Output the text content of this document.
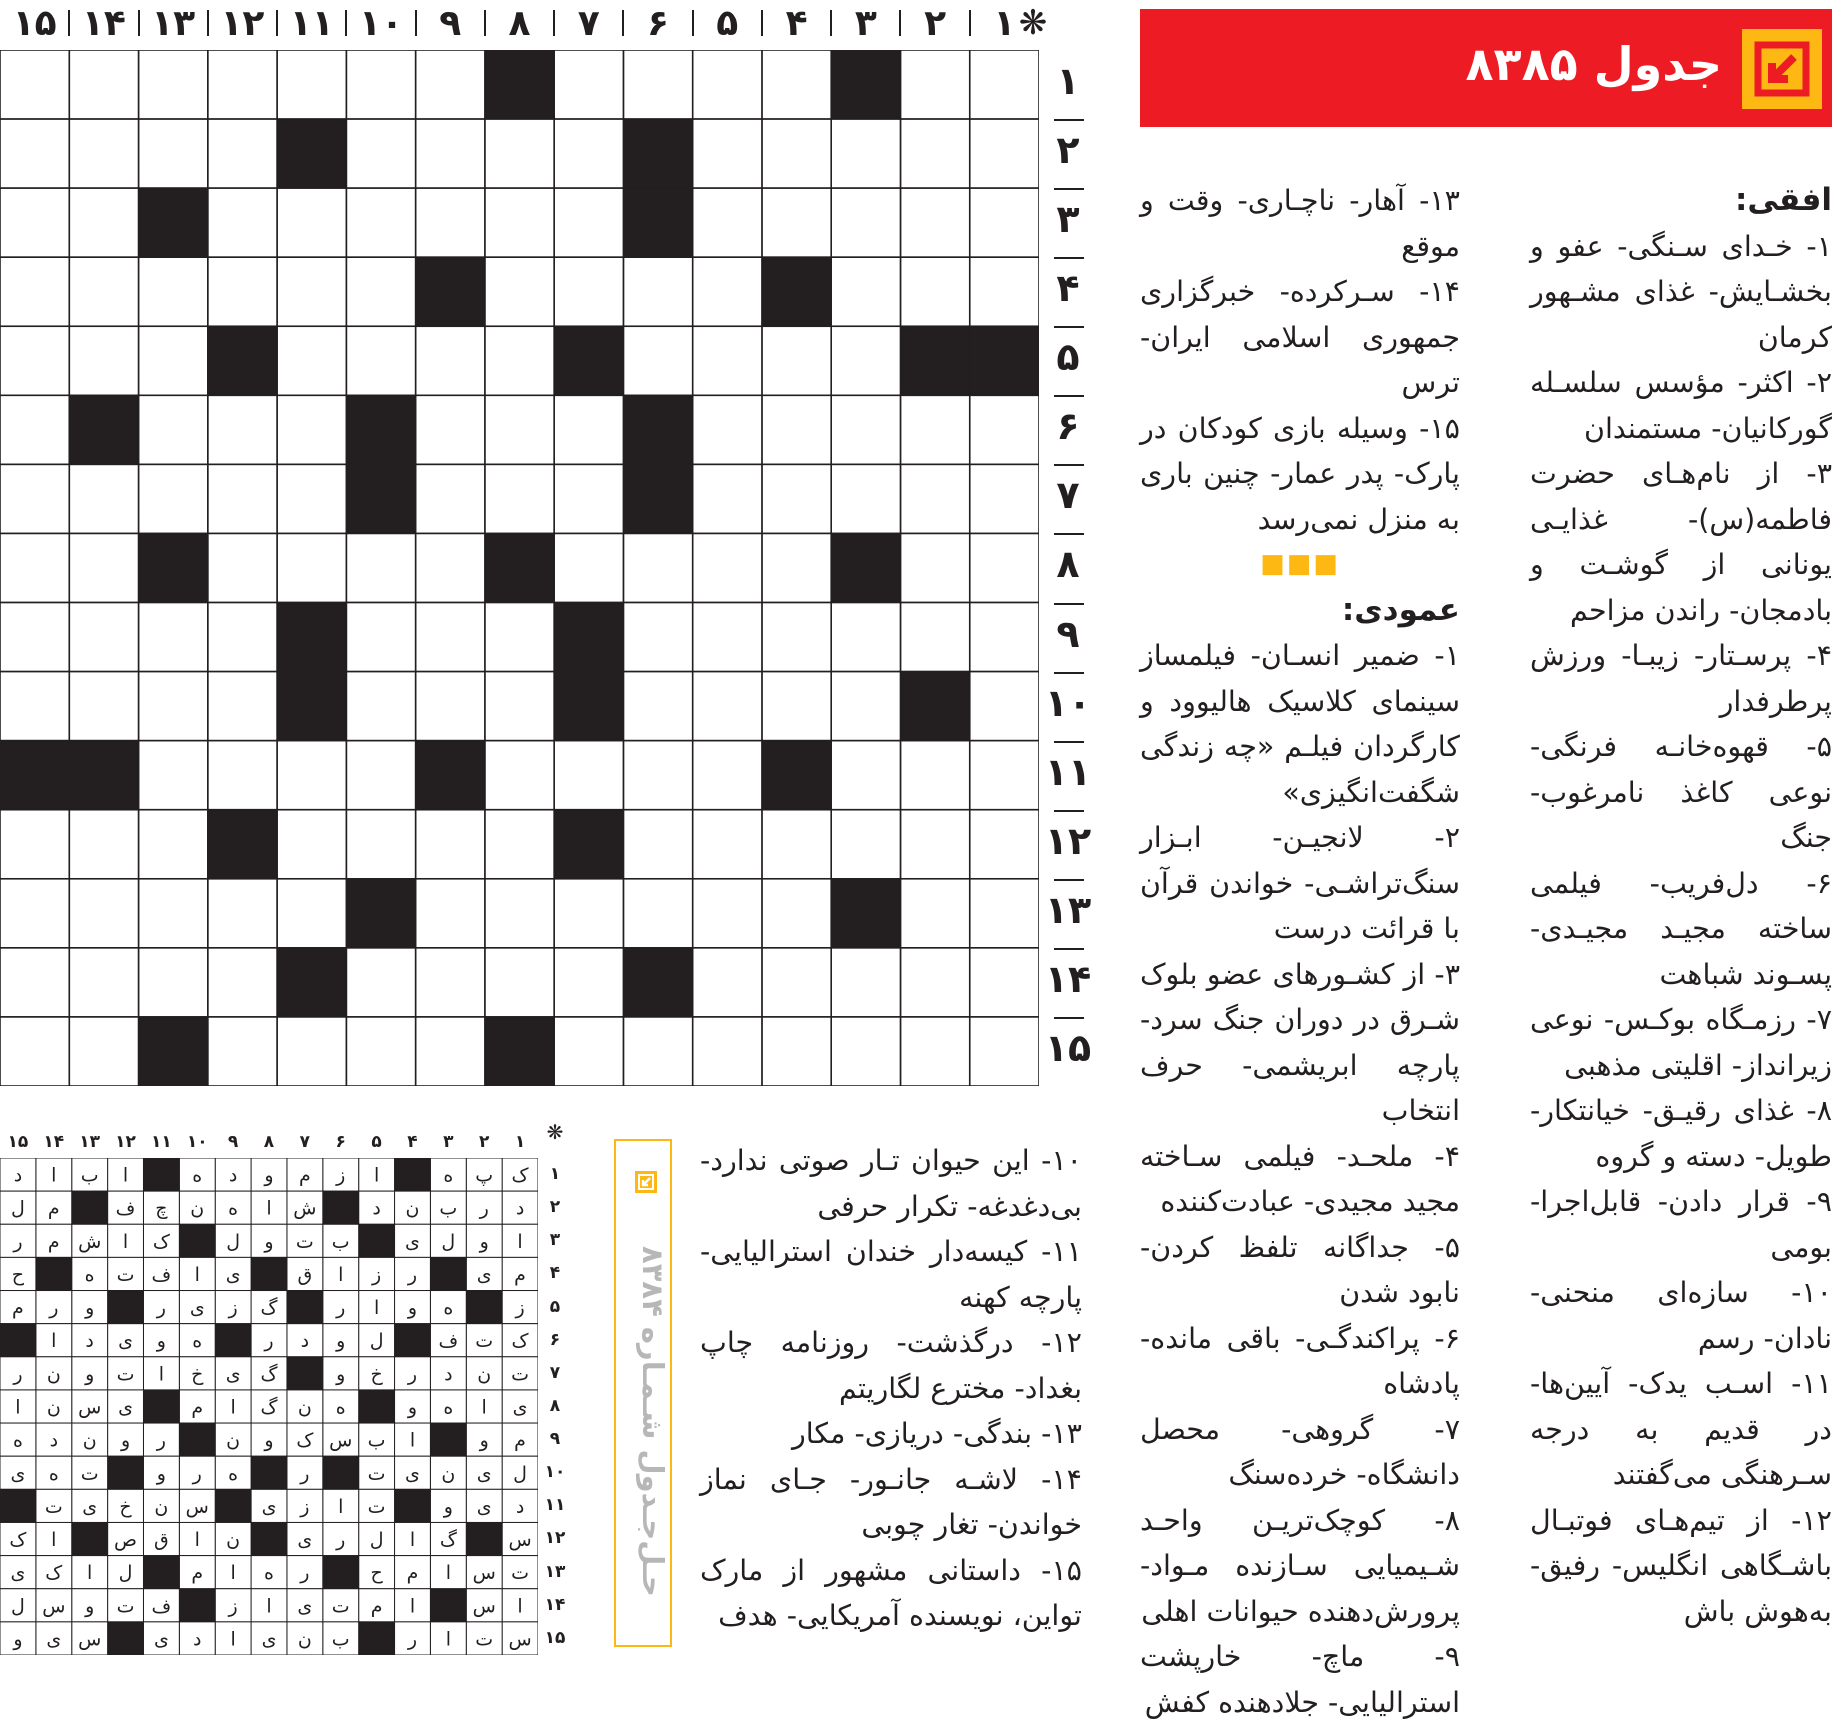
۱
۲
۳
۴
۵
۶
۷
۸
۹
۱۰
۱۱
۱۲
۱۳
۱۴
۱۵	❋
۱
۲
۳
۴
۵
۶
۷
۸
۹
۱۰
۱۱
۱۲
۱۳
۱۴
۱۵
جدول ۸۳۸۵

افقی:

۱- خـدای سـنگی- عفو و بخشـایش- غذای مشـهور کرمان

۲- اکثر- مؤسس سلسـله گورکانیان- مستمندان

۳- از نام‌هـای حضرت فاطمه(س)- غذایـی یونانی از گوشـت و بادمجان- راندن مزاحم

۴- پرسـتار- زیبـا- ورزش پرطرفدار

۵- قهوه‌خانـه فرنگی- نوعی کاغذ نامرغوب- جنگ

۶- دل‌فریب- فیلمی ساخته مجیـد مجیـدی- پسـوند شباهت

۷- رزمـگاه بوکـس- نوعی زیرانداز- اقلیتی مذهبی

۸- غذای رقیـق- خیانتکار- طویل- دسته و گروه

۹- قرار دادن- قابل‌اجرا- بومی

۱۰- سازه‌ای منحنی- نادان- رسم

۱۱- اسـب یدک- آیین‌ها- در قدیم به درجه سـرهنگی می‌گفتند

۱۲- از تیم‌هـای فوتبـال باشـگاهی انگلیس- رفیق- به‌هوش باش

۱۳- آهار- ناچـاری- وقت و موقع

۱۴- سـرکرده- خبرگزاری جمهوری اسلامی ایران- ترس

۱۵- وسیله بازی کودکان در پارک- پدر عمار- چنین باری به منزل نمی‌رسد

■■■

عمودی:

۱- ضمیر انسـان- فیلمساز سینمای کلاسیک هالیوود و کارگردان فیلـم «چه زندگی شگفت‌انگیزی»

۲- لانجیـن- ابـزار سنگ‌تراشـی- خواندن قرآن با قرائت درست

۳- از کشـورهای عضو بلوک شـرق در دوران جنگ سرد- پارچه ابریشمی- حرف انتخاب

۴- ملحـد- فیلمی سـاخته مجید مجیدی- عبادت‌کننده

۵- جداگانه تلفظ کردن- نابود شدن

۶- پراکندگـی- باقی مانده- پادشاه

۷- گروهی- محصل دانشگاه- خرده‌سنگ

۸- کوچک‌تریـن واحـد شـیمیایی سـازنده مـواد- پرورش‌دهنده حیوانات اهلی

۹- ماچ- خارپشت استرالیایی- جلادهنده کفش

۱۰- این حیوان تـار صوتی ندارد- بی‌دغدغه- تکرار حرفی

۱۱- کیسه‌دار خندان استرالیایی- پارچه کهنه

۱۲- درگذشت- روزنامه چاپ بغداد- مخترع لگاریتم

۱۳- بندگی- دریازی- مکار

۱۴- لاشـه جانـور- جـای نماز خواندن- تغار چوبی

۱۵- داستانی مشهور از مارک تواین، نویسنده آمریکایی- هدف

حـل‌جـدول شـمـاره ۸۳۸۴
۱
۲
۳
۴
۵
۶
۷
۸
۹
۱۰
۱۱
۱۲
۱۳
۱۴
۱۵	❋
۱
۲
۳
۴
۵
۶
۷
۸
۹
۱۰
۱۱
۱۲
۱۳
۱۴
۱۵
ک
پ
ه
ا
ز
م
و
د
ه
ا
ب
ا
د
د
ر
ب
ن
د
ش
ا
ه
ن
چ
ف
م
ل
ا
و
ل
ی
ب
ت
و
ل
ک
ا
ش
م
ر
م
ی
ر
ز
ا
ق
ی
ا
ف
ت
ه
ح
ز
ه
و
ا
ر
گ
ز
ی
ر
و
ر
م
ک
ت
ف
ل
و
د
ر
ه
و
ی
د
ا
ت
ن
د
ر
خ
و
گ
ی
خ
ا
ت
و
ن
ر
ی
ا
ه
و
ه
ن
گ
ا
م
ی
س
ن
ا
م
و
ا
ب
س
ک
و
ن
ر
و
ن
د
ه
ل
ی
ن
ی
ت
ر
ه
ر
و
ت
ه
ی
د
ی
و
ت
ا
ز
ی
س
ن
خ
ی
ت
س
گ
ا
ل
ر
ی
ن
ا
ق
ص
ا
ک
ت
س
ا
م
ح
ر
ه
ا
م
ل
ا
ک
ی
ا
س
ا
م
ت
ی
ا
ز
ف
ت
و
س
ل
س
ت
ا
ر
ب
ن
ی
ا
د
ی
س
ی
و
